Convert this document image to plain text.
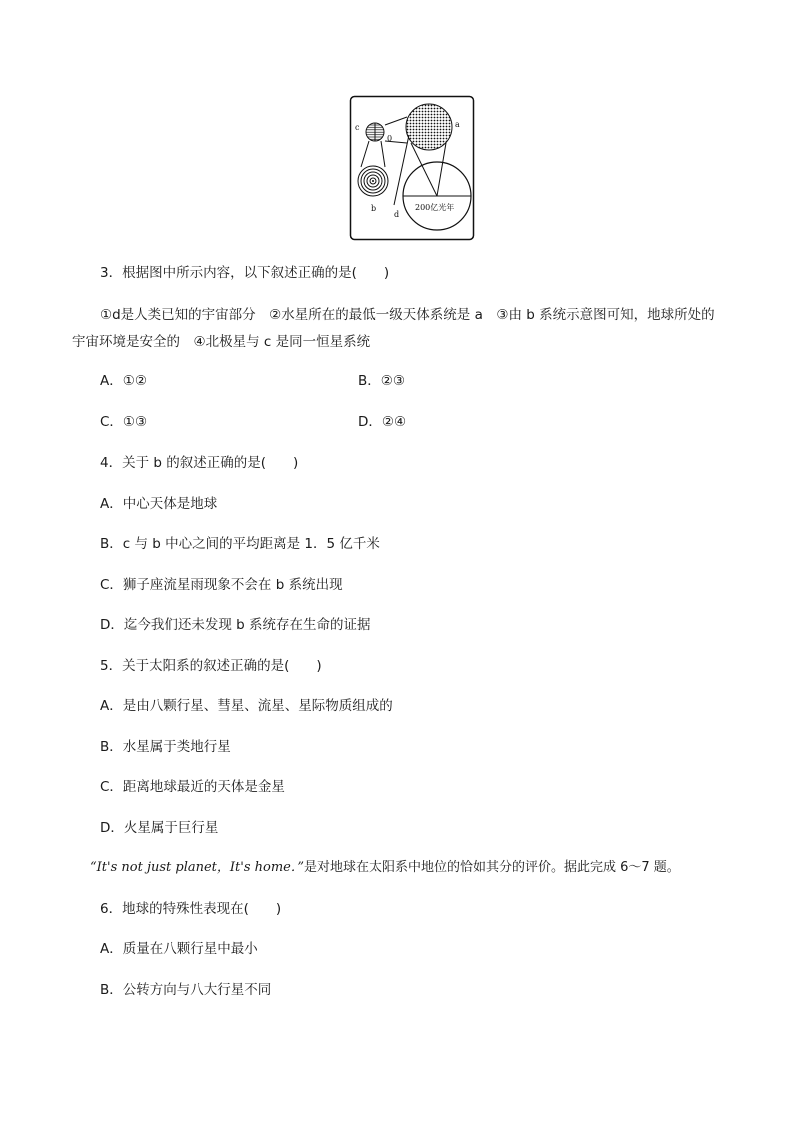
c
0
a
b
d
200亿光年
3．根据图中所示内容，以下叙述正确的是(　　)
①d是人类已知的宇宙部分　②水星所在的最低一级天体系统是 a　③由 b 系统示意图可知，地球所处的宇宙环境是安全的　④北极星与 c 是同一恒星系统
A．①②	B．②③
C．①③	D．②④
4．关于 b 的叙述正确的是(　　)
A．中心天体是地球
B．c 与 b 中心之间的平均距离是 1．5 亿千米
C．狮子座流星雨现象不会在 b 系统出现
D．迄今我们还未发现 b 系统存在生命的证据
5．关于太阳系的叙述正确的是(　　)
A．是由八颗行星、彗星、流星、星际物质组成的
B．水星属于类地行星
C．距离地球最近的天体是金星
D．火星属于巨行星
“It's not just planet，It's home．”是对地球在太阳系中地位的恰如其分的评价。据此完成 6～7 题。
6．地球的特殊性表现在(　　)
A．质量在八颗行星中最小
B．公转方向与八大行星不同
